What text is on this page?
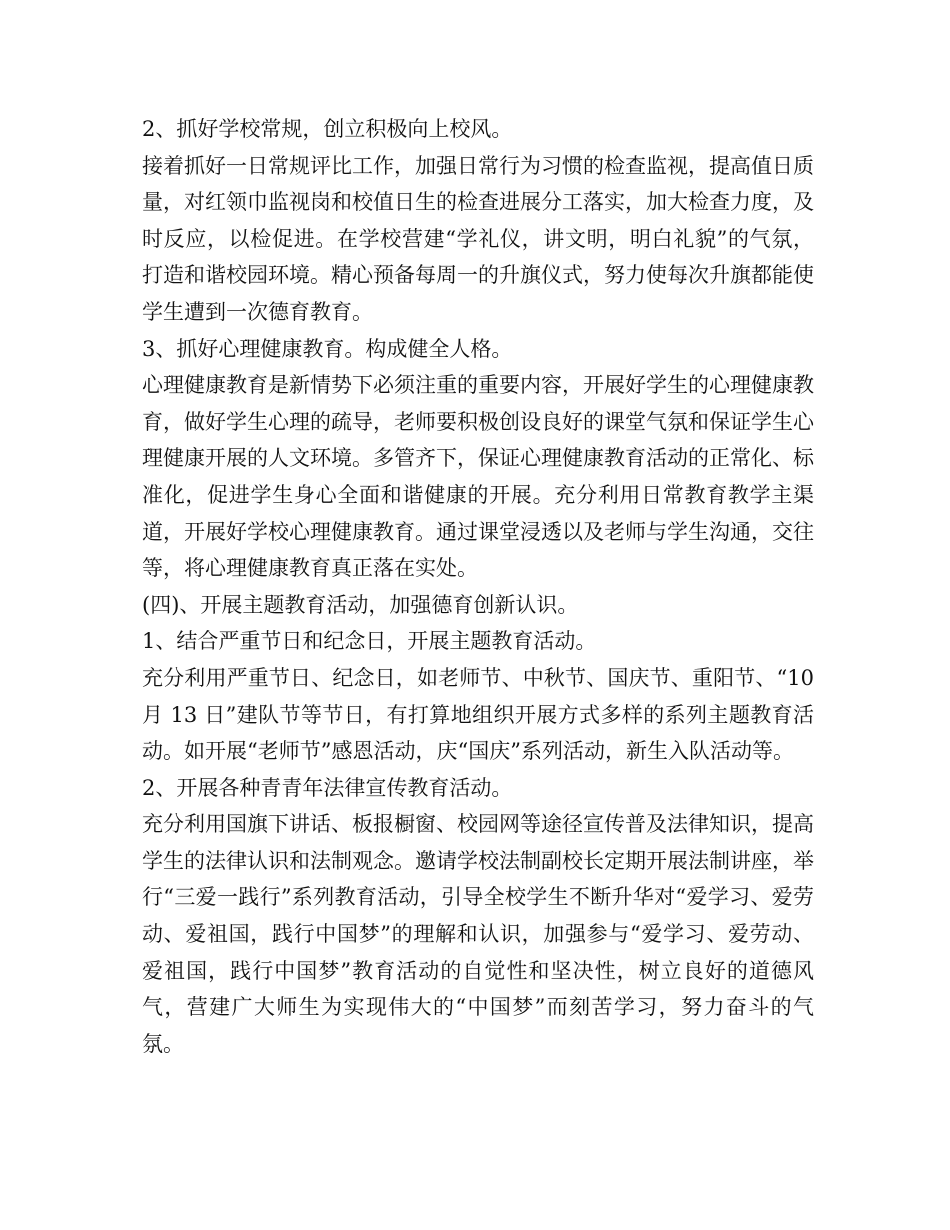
2、抓好学校常规，创立积极向上校风。

接着抓好一日常规评比工作，加强日常行为习惯的检查监视，提高值日质量，对红领巾监视岗和校值日生的检查进展分工落实，加大检查力度，及时反应，以检促进。在学校营建“学礼仪，讲文明，明白礼貌”的气氛，打造和谐校园环境。精心预备每周一的升旗仪式，努力使每次升旗都能使学生遭到一次德育教育。

3、抓好心理健康教育。构成健全人格。

心理健康教育是新情势下必须注重的重要内容，开展好学生的心理健康教育，做好学生心理的疏导，老师要积极创设良好的课堂气氛和保证学生心理健康开展的人文环境。多管齐下，保证心理健康教育活动的正常化、标准化，促进学生身心全面和谐健康的开展。充分利用日常教育教学主渠道，开展好学校心理健康教育。通过课堂浸透以及老师与学生沟通，交往等，将心理健康教育真正落在实处。

(四)、开展主题教育活动，加强德育创新认识。

1、结合严重节日和纪念日，开展主题教育活动。

充分利用严重节日、纪念日，如老师节、中秋节、国庆节、重阳节、“10 月 13 日”建队节等节日，有打算地组织开展方式多样的系列主题教育活动。如开展“老师节”感恩活动，庆“国庆”系列活动，新生入队活动等。

2、开展各种青青年法律宣传教育活动。

充分利用国旗下讲话、板报橱窗、校园网等途径宣传普及法律知识，提高学生的法律认识和法制观念。邀请学校法制副校长定期开展法制讲座，举行“三爱一践行”系列教育活动，引导全校学生不断升华对“爱学习、爱劳动、爱祖国，践行中国梦”的理解和认识，加强参与“爱学习、爱劳动、爱祖国，践行中国梦”教育活动的自觉性和坚决性，树立良好的道德风气，营建广大师生为实现伟大的“中国梦”而刻苦学习，努力奋斗的气氛。
